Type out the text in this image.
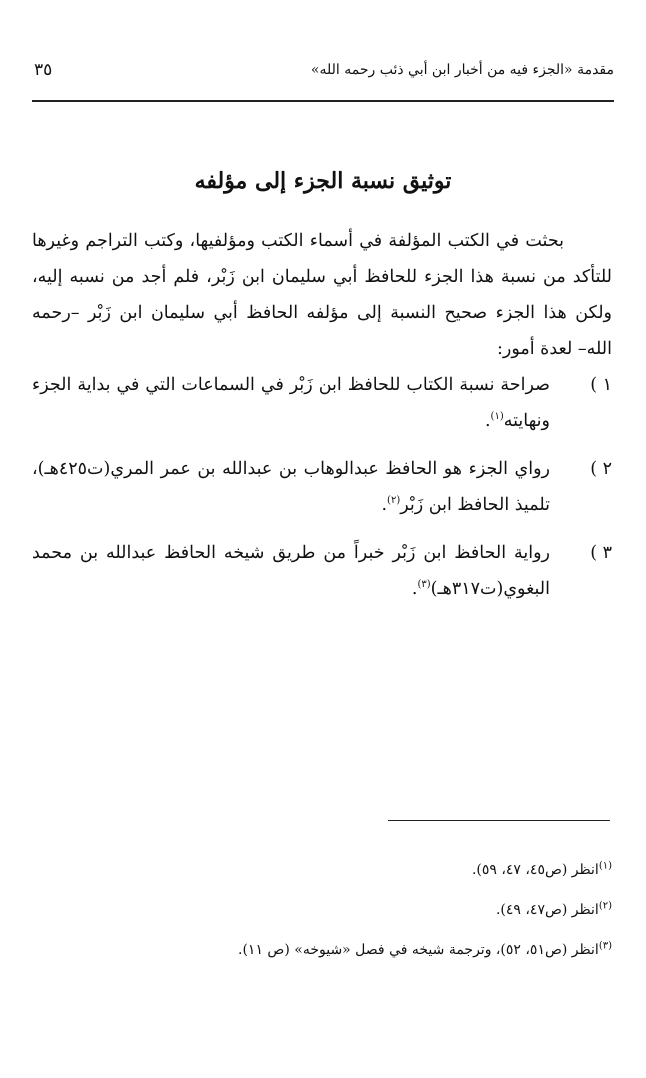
مقدمة «الجزء فيه من أخبار ابن أبي ذئب رحمه الله»
٣٥
توثيق نسبة الجزء إلى مؤلفه

بحثت في الكتب المؤلفة في أسماء الكتب ومؤلفيها، وكتب التراجم وغيرها للتأكد من نسبة هذا الجزء للحافظ أبي سليمان ابن زَبْر، فلم أجد من نسبه إليه، ولكن هذا الجزء صحيح النسبة إلى مؤلفه الحافظ أبي سليمان ابن زَبْر –رحمه الله– لعدة أمور:

١ )
صراحة نسبة الكتاب للحافظ ابن زَبْر في السماعات التي في بداية الجزء ونهايته$^{(١)}$.
٢ )
رواي الجزء هو الحافظ عبدالوهاب بن عبدالله بن عمر المري(ت٤٢٥هـ)، تلميذ الحافظ ابن زَبْر$^{(٢)}$.
٣ )
رواية الحافظ ابن زَبْر خبراً من طريق شيخه الحافظ عبدالله بن محمد البغوي(ت٣١٧هـ)$^{(٣)}$.

$^{(١)}$انظر (ص٤٥، ٤٧، ٥٩).

$^{(٢)}$انظر (ص٤٧، ٤٩).

$^{(٣)}$انظر (ص٥١، ٥٢)، وترجمة شيخه في فصل «شيوخه» (ص ١١).
